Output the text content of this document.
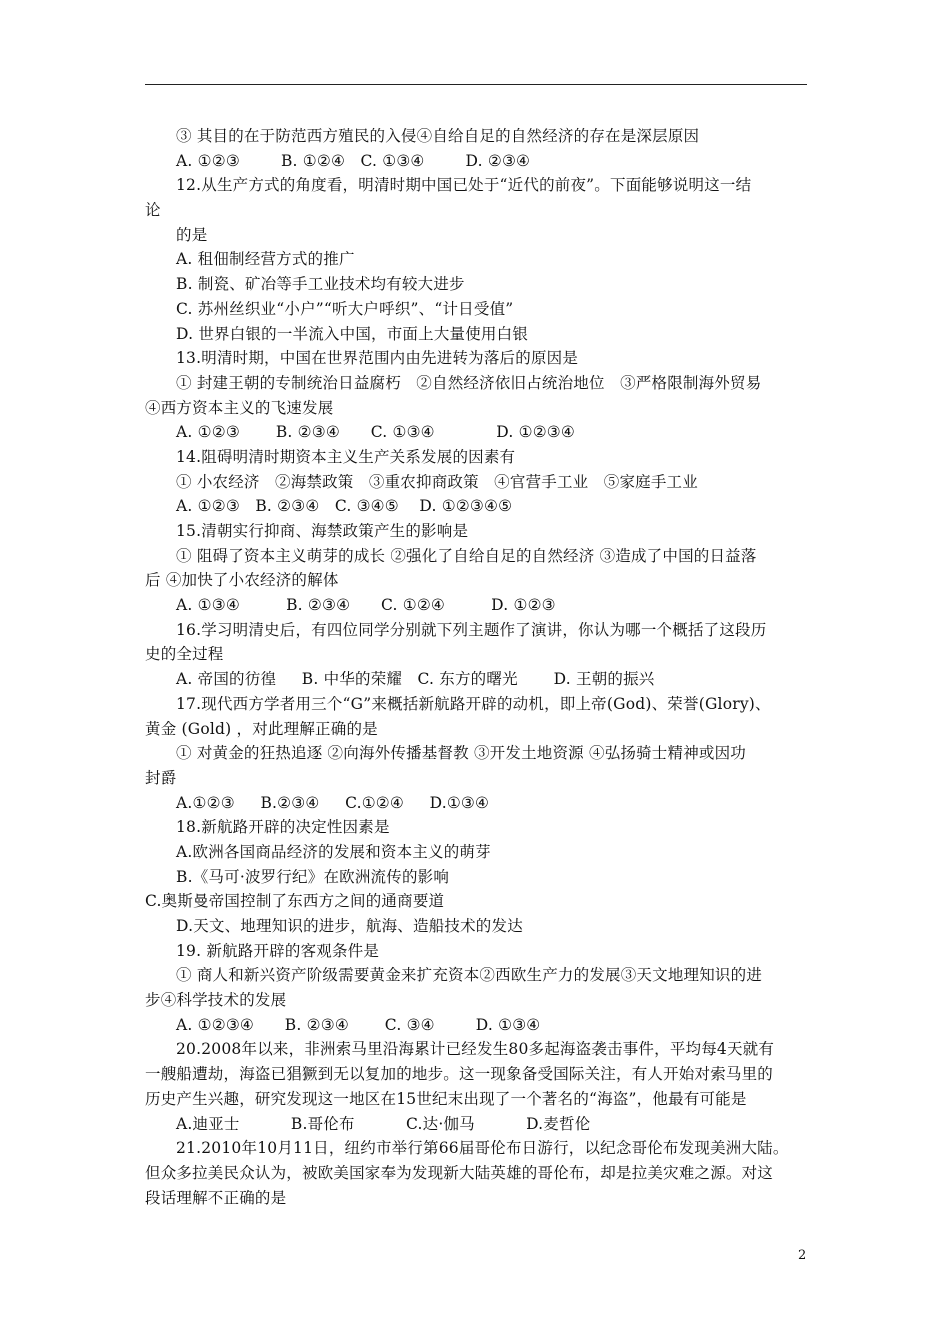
③ 其目的在于防范西方殖民的入侵④自给自足的自然经济的存在是深层原因
A. ①②③        B. ①②④   C. ①③④        D. ②③④
12.从生产方式的角度看，明清时期中国已处于“近代的前夜”。下面能够说明这一结
论
的是
A. 租佃制经营方式的推广
B. 制瓷、矿冶等手工业技术均有较大进步
C. 苏州丝织业“小户”“听大户呼织”、“计日受值”
D. 世界白银的一半流入中国，市面上大量使用白银
13.明清时期，中国在世界范围内由先进转为落后的原因是
① 封建王朝的专制统治日益腐朽   ②自然经济依旧占统治地位   ③严格限制海外贸易
④西方资本主义的飞速发展
A. ①②③       B. ②③④      C. ①③④            D. ①②③④
14.阻碍明清时期资本主义生产关系发展的因素有
① 小农经济   ②海禁政策   ③重农抑商政策   ④官营手工业   ⑤家庭手工业
A. ①②③   B. ②③④   C. ③④⑤    D. ①②③④⑤
15.清朝实行抑商、海禁政策产生的影响是
① 阻碍了资本主义萌芽的成长 ②强化了自给自足的自然经济 ③造成了中国的日益落
后 ④加快了小农经济的解体
A. ①③④         B. ②③④      C. ①②④         D. ①②③
16.学习明清史后，有四位同学分别就下列主题作了演讲，你认为哪一个概括了这段历
史的全过程
A. 帝国的彷徨     B. 中华的荣耀   C. 东方的曙光       D. 王朝的振兴
17.现代西方学者用三个“G”来概括新航路开辟的动机，即上帝(God)、荣誉(Glory)、
黄金 (Gold) ，对此理解正确的是
① 对黄金的狂热追逐 ②向海外传播基督教 ③开发土地资源 ④弘扬骑士精神或因功
封爵
A.①②③     B.②③④     C.①②④     D.①③④
18.新航路开辟的决定性因素是
A.欧洲各国商品经济的发展和资本主义的萌芽
B.《马可·波罗行纪》在欧洲流传的影响
C.奥斯曼帝国控制了东西方之间的通商要道
D.天文、地理知识的进步，航海、造船技术的发达
19. 新航路开辟的客观条件是
① 商人和新兴资产阶级需要黄金来扩充资本②西欧生产力的发展③天文地理知识的进
步④科学技术的发展
A. ①②③④      B. ②③④       C. ③④        D. ①③④
20.2008年以来，非洲索马里沿海累计已经发生80多起海盗袭击事件，平均每4天就有
一艘船遭劫，海盗已猖獗到无以复加的地步。这一现象备受国际关注，有人开始对索马里的
历史产生兴趣，研究发现这一地区在15世纪末出现了一个著名的“海盗”，他最有可能是
A.迪亚士          B.哥伦布          C.达·伽马          D.麦哲伦
21.2010年10月11日，纽约市举行第66届哥伦布日游行，以纪念哥伦布发现美洲大陆。
但众多拉美民众认为，被欧美国家奉为发现新大陆英雄的哥伦布，却是拉美灾难之源。对这
段话理解不正确的是
2
